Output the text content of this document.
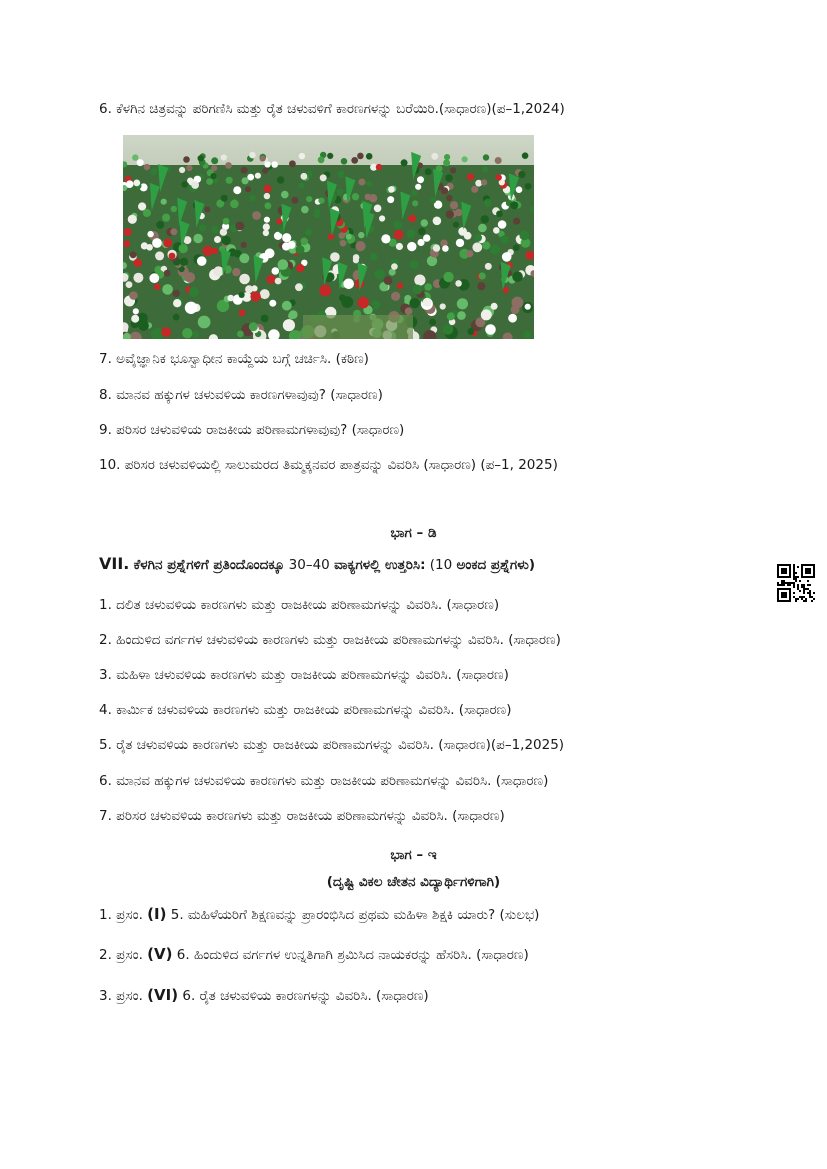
6. ಕೆಳಗಿನ ಚಿತ್ರವನ್ನು ಪರಿಗಣಿಸಿ ಮತ್ತು ರೈತ ಚಳುವಳಿಗೆ ಕಾರಣಗಳನ್ನು ಬರೆಯಿರಿ.(ಸಾಧಾರಣ)(ಪ–1,2024)
7. ಅವೈಜ್ಞಾನಿಕ ಭೂಸ್ವಾಧೀನ ಕಾಯ್ದೆಯ ಬಗ್ಗೆ ಚರ್ಚಿಸಿ. (ಕಠಿಣ)
8. ಮಾನವ ಹಕ್ಕುಗಳ ಚಳುವಳಿಯ ಕಾರಣಗಳಾವುವು? (ಸಾಧಾರಣ)
9. ಪರಿಸರ ಚಳುವಳಿಯ ರಾಜಕೀಯ ಪರಿಣಾಮಗಳಾವುವು? (ಸಾಧಾರಣ)
10. ಪರಿಸರ ಚಳುವಳಿಯಲ್ಲಿ ಸಾಲುಮರದ ತಿಮ್ಮಕ್ಕನವರ ಪಾತ್ರವನ್ನು ವಿವರಿಸಿ (ಸಾಧಾರಣ) (ಪ–1, 2025)
ಭಾಗ – ಡಿ
VII. ಕೆಳಗಿನ ಪ್ರಶ್ನೆಗಳಿಗೆ ಪ್ರತಿಂದೊಂದಕ್ಕೂ 30–40 ವಾಕ್ಯಗಳಲ್ಲಿ ಉತ್ತರಿಸಿ: (10 ಅಂಕದ ಪ್ರಶ್ನೆಗಳು)
1. ದಲಿತ ಚಳುವಳಿಯ ಕಾರಣಗಳು ಮತ್ತು ರಾಜಕೀಯ ಪರಿಣಾಮಗಳನ್ನು ವಿವರಿಸಿ. (ಸಾಧಾರಣ)
2. ಹಿಂದುಳಿದ ವರ್ಗಗಳ ಚಳುವಳಿಯ ಕಾರಣಗಳು ಮತ್ತು ರಾಜಕೀಯ ಪರಿಣಾಮಗಳನ್ನು ವಿವರಿಸಿ. (ಸಾಧಾರಣ)
3. ಮಹಿಳಾ ಚಳುವಳಿಯ ಕಾರಣಗಳು ಮತ್ತು ರಾಜಕೀಯ ಪರಿಣಾಮಗಳನ್ನು ವಿವರಿಸಿ. (ಸಾಧಾರಣ)
4. ಕಾರ್ಮಿಕ ಚಳುವಳಿಯ ಕಾರಣಗಳು ಮತ್ತು ರಾಜಕೀಯ ಪರಿಣಾಮಗಳನ್ನು ವಿವರಿಸಿ. (ಸಾಧಾರಣ)
5. ರೈತ ಚಳುವಳಿಯ ಕಾರಣಗಳು ಮತ್ತು ರಾಜಕೀಯ ಪರಿಣಾಮಗಳನ್ನು ವಿವರಿಸಿ. (ಸಾಧಾರಣ)(ಪ–1,2025)
6. ಮಾನವ ಹಕ್ಕುಗಳ ಚಳುವಳಿಯ ಕಾರಣಗಳು ಮತ್ತು ರಾಜಕೀಯ ಪರಿಣಾಮಗಳನ್ನು ವಿವರಿಸಿ. (ಸಾಧಾರಣ)
7. ಪರಿಸರ ಚಳುವಳಿಯ ಕಾರಣಗಳು ಮತ್ತು ರಾಜಕೀಯ ಪರಿಣಾಮಗಳನ್ನು ವಿವರಿಸಿ. (ಸಾಧಾರಣ)
ಭಾಗ – ಇ
(ದೃಷ್ಟಿ ವಿಕಲ ಚೇತನ ವಿದ್ಯಾರ್ಥಿಗಳಿಗಾಗಿ)
1. ಪ್ರಸಂ. (I) 5. ಮಹಿಳೆಯರಿಗೆ ಶಿಕ್ಷಣವನ್ನು ಪ್ರಾರಂಭಿಸಿದ ಪ್ರಥಮ ಮಹಿಳಾ ಶಿಕ್ಷಕಿ ಯಾರು? (ಸುಲಭ)
2. ಪ್ರಸಂ. (V) 6. ಹಿಂದುಳಿದ ವರ್ಗಗಳ ಉನ್ನತಿಗಾಗಿ ಶ್ರಮಿಸಿದ ನಾಯಕರನ್ನು ಹೆಸರಿಸಿ. (ಸಾಧಾರಣ)
3. ಪ್ರಸಂ. (VI) 6. ರೈತ ಚಳುವಳಿಯ ಕಾರಣಗಳನ್ನು ವಿವರಿಸಿ. (ಸಾಧಾರಣ)
